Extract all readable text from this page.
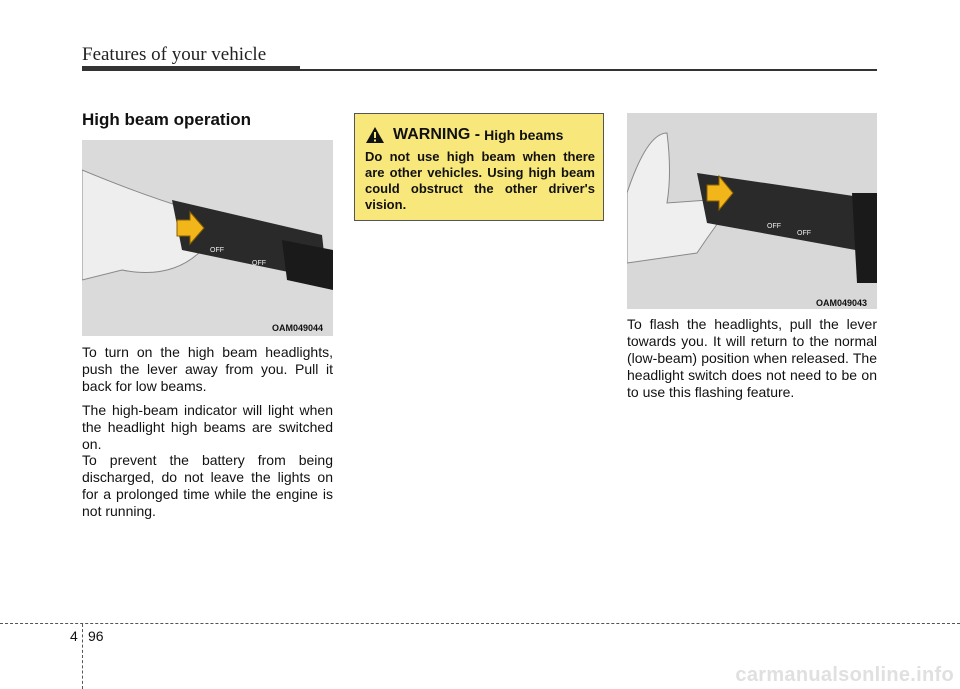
Features of your vehicle
High beam operation
OFF
OFF
OAM049044

To turn on the high beam headlights, push the lever away from you. Pull it back for low beams.

The high-beam indicator will light when the headlight high beams are switched on.

To prevent the battery from being discharged, do not leave the lights on for a prolonged time while the engine is not running.

WARNING - High beams

Do not use high beam when there are other vehicles. Using high beam could obstruct the other driver's vision.

OFF
OFF
OAM049043

To flash the headlights, pull the lever towards you. It will return to the normal (low-beam) position when released. The headlight switch does not need to be on to use this flashing feature.

4 96
carmanualsonline.info
